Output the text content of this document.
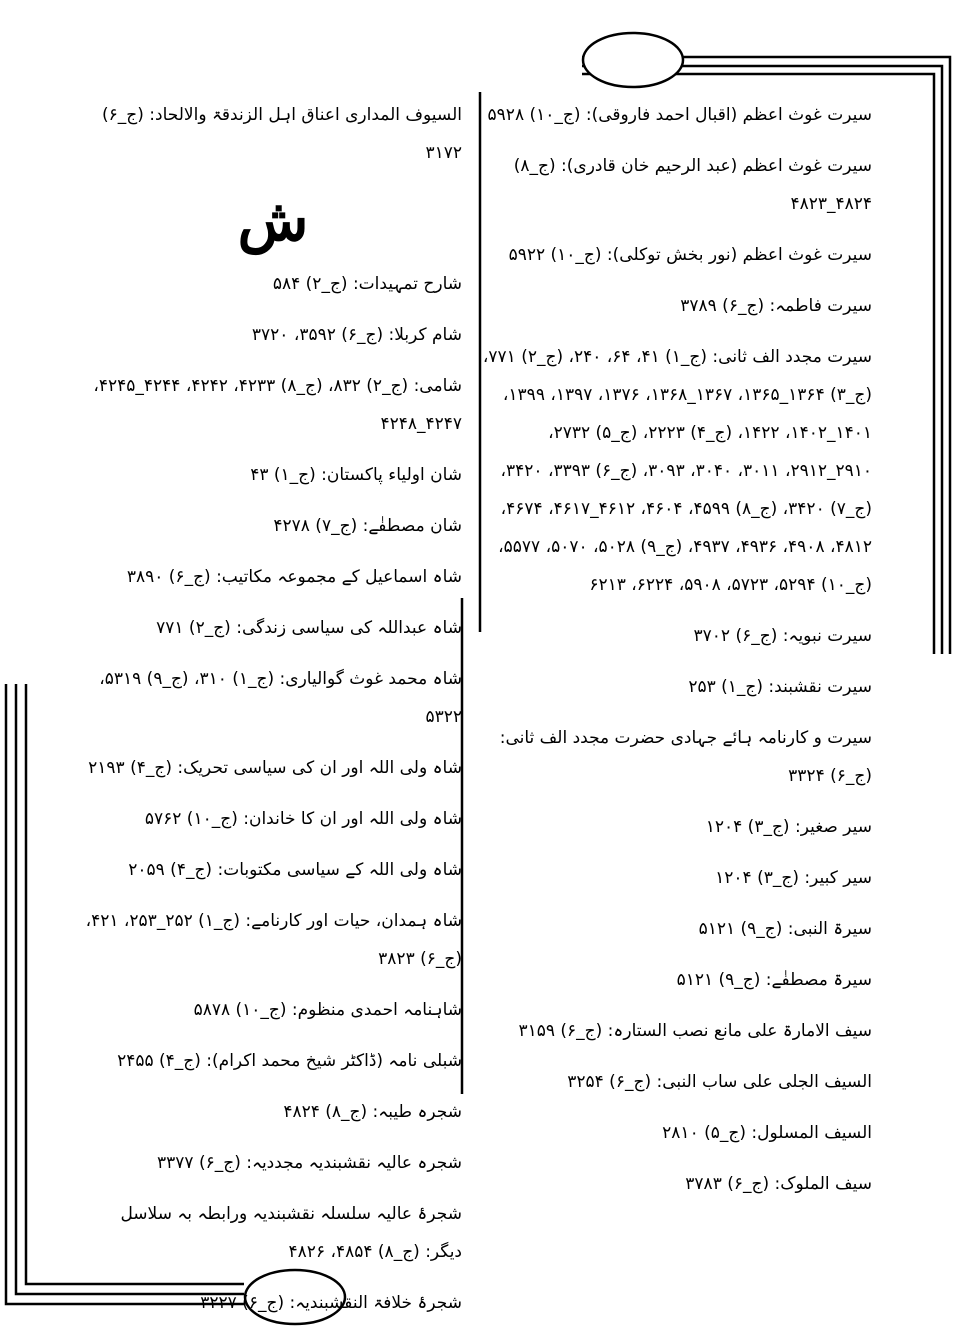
سیرت غوث اعظم (اقبال احمد فاروقی): (ج_۱۰) ۵۹۲۸
سیرت غوث اعظم (عبد الرحیم خان قادری): (ج_۸) ۴۸۲۴_۴۸۲۳
سیرت غوث اعظم (نور بخش توکلی): (ج_۱۰) ۵۹۲۲
سیرت فاطمہ: (ج_۶) ۳۷۸۹
سیرت مجدد الف ثانی: (ج_۱) ۴۱، ۶۴، ۲۴۰، (ج_۲) ۷۷۱، (ج_۳) ۱۳۶۴_۱۳۶۵، ۱۳۶۷_۱۳۶۸، ۱۳۷۶، ۱۳۹۷، ۱۳۹۹، ۱۴۰۱_۱۴۰۲، ۱۴۲۲، (ج_۴) ۲۲۲۳، (ج_۵) ۲۷۳۲، ۲۹۱۰_۲۹۱۲، ۳۰۱۱، ۳۰۴۰، ۳۰۹۳، (ج_۶) ۳۳۹۳، ۳۴۲۰، (ج_۷) ۳۴۲۰، (ج_۸) ۴۵۹۹، ۴۶۰۴، ۴۶۱۲_۴۶۱۷، ۴۶۷۴، ۴۸۱۲، ۴۹۰۸، ۴۹۳۶، ۴۹۳۷، (ج_۹) ۵۰۲۸، ۵۰۷۰، ۵۵۷۷، (ج_۱۰) ۵۲۹۴، ۵۷۲۳، ۵۹۰۸، ۶۲۲۴، ۶۲۱۳
سیرت نبویہ: (ج_۶) ۳۷۰۲
سیرت نقشبند: (ج_۱) ۲۵۳
سیرت و کارنامہ ہائے جہادی حضرت مجدد الف ثانی: (ج_۶) ۳۳۲۴
سیر صغیر: (ج_۳) ۱۲۰۴
سیر کبیر: (ج_۳) ۱۲۰۴
سیرۃ النبی: (ج_۹) ۵۱۲۱
سیرۃ مصطفٰے: (ج_۹) ۵۱۲۱
سیف الامارۃ علی مانع نصب الستارہ: (ج_۶) ۳۱۵۹
السیف الجلی علی ساب النبی: (ج_۶) ۳۲۵۴
السیف المسلول: (ج_۵) ۲۸۱۰
سیف الملوک: (ج_۶) ۳۷۸۳
السیوف المداری اعناق اہل الزندقۃ والالحاد: (ج_۶) ۳۱۷۲
ش
شارح تمہیدات: (ج_۲) ۵۸۴
شام کربلا: (ج_۶) ۳۵۹۲، ۳۷۲۰
شامی: (ج_۲) ۸۳۲، (ج_۸) ۴۲۳۳، ۴۲۴۲، ۴۲۴۴_۴۲۴۵، ۴۲۴۷_۴۲۴۸
شان اولیاء پاکستان: (ج_۱) ۴۳
شان مصطفٰے: (ج_۷) ۴۲۷۸
شاہ اسماعیل کے مجموعہ مکاتیب: (ج_۶) ۳۸۹۰
شاہ عبداللہ کی سیاسی زندگی: (ج_۲) ۷۷۱
شاہ محمد غوث گوالیاری: (ج_۱) ۳۱۰، (ج_۹) ۵۳۱۹، ۵۳۲۲
شاہ ولی اللہ اور ان کی سیاسی تحریک: (ج_۴) ۲۱۹۳
شاہ ولی اللہ اور ان کا خاندان: (ج_۱۰) ۵۷۶۲
شاہ ولی اللہ کے سیاسی مکتوبات: (ج_۴) ۲۰۵۹
شاہ ہمدان، حیات اور کارنامے: (ج_۱) ۲۵۲_۲۵۳، ۴۲۱، (ج_۶) ۳۸۲۳
شاہنامہ احمدی منظوم: (ج_۱۰) ۵۸۷۸
شبلی نامہ (ڈاکٹر شیخ محمد اکرام): (ج_۴) ۲۴۵۵
شجرہ طیبہ: (ج_۸) ۴۸۲۴
شجرہ عالیہ نقشبندیہ مجددیہ: (ج_۶) ۳۳۷۷
شجرۂ عالیہ سلسلہ نقشبندیہ ورابطہ بہ سلاسل دیگر: (ج_۸) ۴۸۵۴، ۴۸۲۶
شجرۂ خلافۃ النقشبندیہ: (ج_۶) ۳۲۲۷
